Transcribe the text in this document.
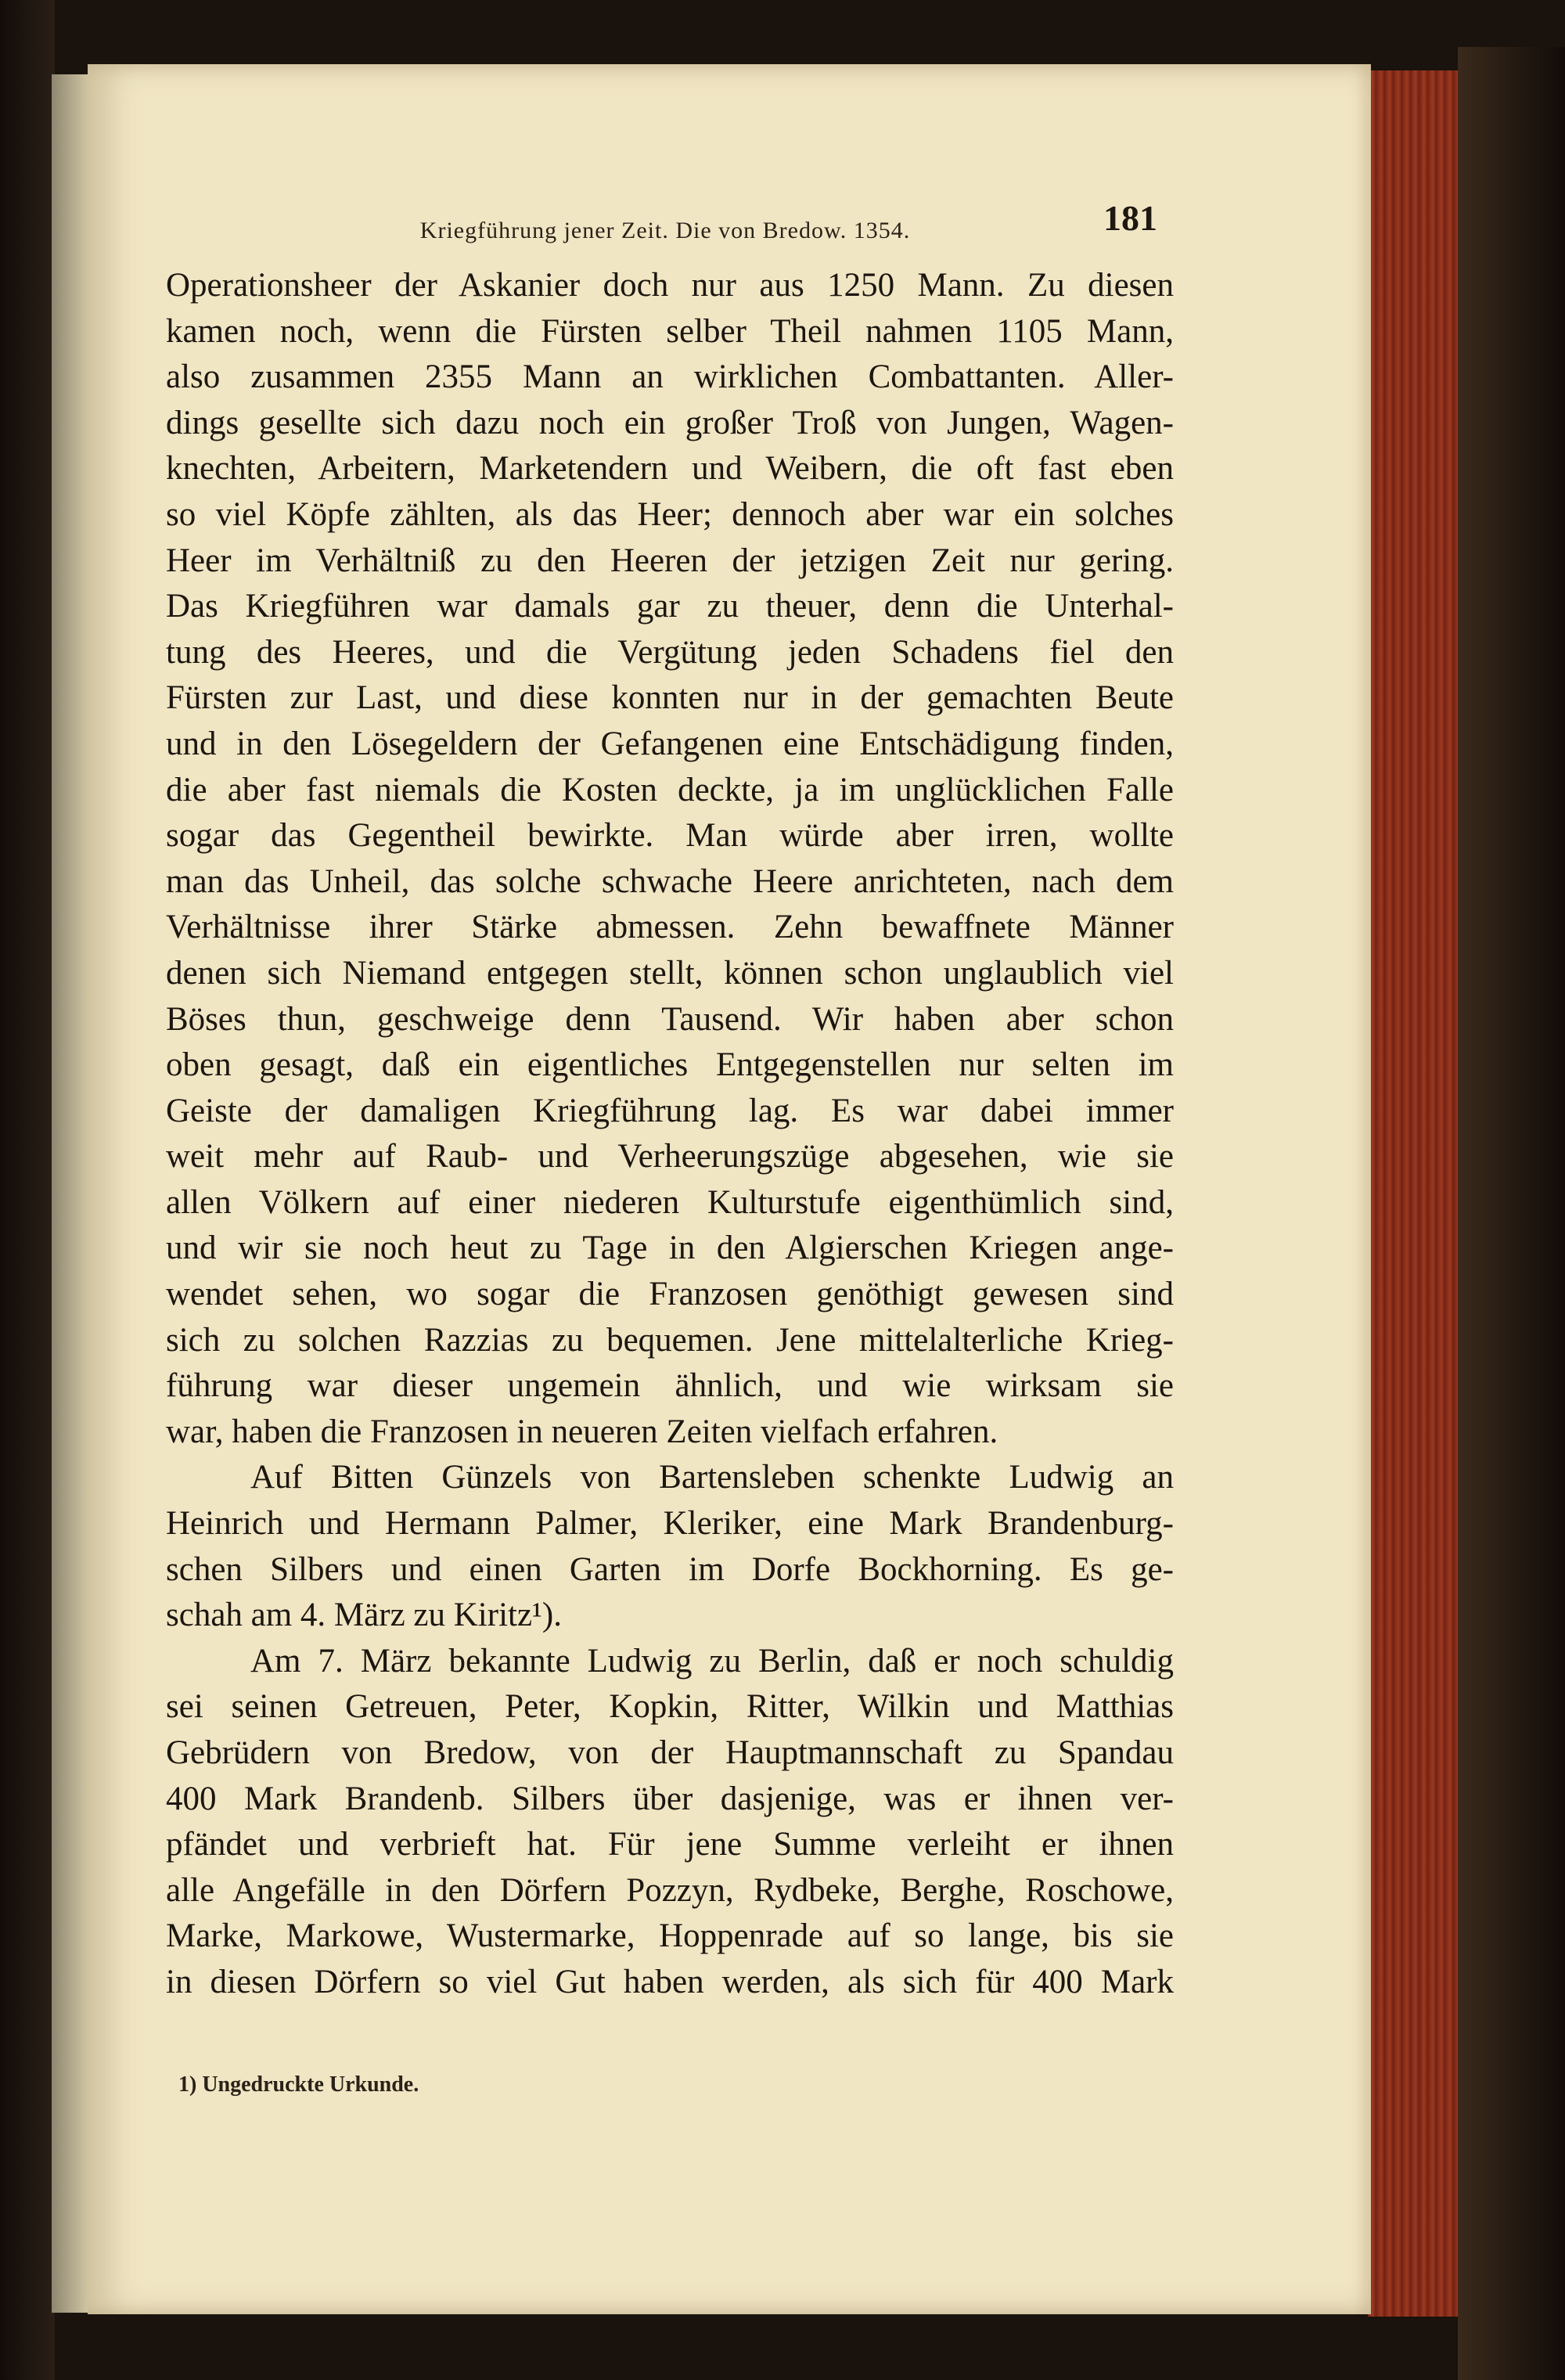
Kriegführung jener Zeit. Die von Bredow. 1354.	181
Operationsheer der Askanier doch nur aus 1250 Mann. Zu diesen
kamen noch, wenn die Fürsten selber Theil nahmen 1105 Mann,
also zusammen 2355 Mann an wirklichen Combattanten. Aller-
dings gesellte sich dazu noch ein großer Troß von Jungen, Wagen-
knechten, Arbeitern, Marketendern und Weibern, die oft fast eben
so viel Köpfe zählten, als das Heer; dennoch aber war ein solches
Heer im Verhältniß zu den Heeren der jetzigen Zeit nur gering.
Das Kriegführen war damals gar zu theuer, denn die Unterhal-
tung des Heeres, und die Vergütung jeden Schadens fiel den
Fürsten zur Last, und diese konnten nur in der gemachten Beute
und in den Lösegeldern der Gefangenen eine Entschädigung finden,
die aber fast niemals die Kosten deckte, ja im unglücklichen Falle
sogar das Gegentheil bewirkte. Man würde aber irren, wollte
man das Unheil, das solche schwache Heere anrichteten, nach dem
Verhältnisse ihrer Stärke abmessen. Zehn bewaffnete Männer
denen sich Niemand entgegen stellt, können schon unglaublich viel
Böses thun, geschweige denn Tausend. Wir haben aber schon
oben gesagt, daß ein eigentliches Entgegenstellen nur selten im
Geiste der damaligen Kriegführung lag. Es war dabei immer
weit mehr auf Raub- und Verheerungszüge abgesehen, wie sie
allen Völkern auf einer niederen Kulturstufe eigenthümlich sind,
und wir sie noch heut zu Tage in den Algierschen Kriegen ange-
wendet sehen, wo sogar die Franzosen genöthigt gewesen sind
sich zu solchen Razzias zu bequemen. Jene mittelalterliche Krieg-
führung war dieser ungemein ähnlich, und wie wirksam sie
war, haben die Franzosen in neueren Zeiten vielfach erfahren.
Auf Bitten Günzels von Bartensleben schenkte Ludwig an
Heinrich und Hermann Palmer, Kleriker, eine Mark Brandenburg-
schen Silbers und einen Garten im Dorfe Bockhorning. Es ge-
schah am 4. März zu Kiritz¹).
Am 7. März bekannte Ludwig zu Berlin, daß er noch schuldig
sei seinen Getreuen, Peter, Kopkin, Ritter, Wilkin und Matthias
Gebrüdern von Bredow, von der Hauptmannschaft zu Spandau
400 Mark Brandenb. Silbers über dasjenige, was er ihnen ver-
pfändet und verbrieft hat. Für jene Summe verleiht er ihnen
alle Angefälle in den Dörfern Pozzyn, Rydbeke, Berghe, Roschowe,
Marke, Markowe, Wustermarke, Hoppenrade auf so lange, bis sie
in diesen Dörfern so viel Gut haben werden, als sich für 400 Mark
1) Ungedruckte Urkunde.
